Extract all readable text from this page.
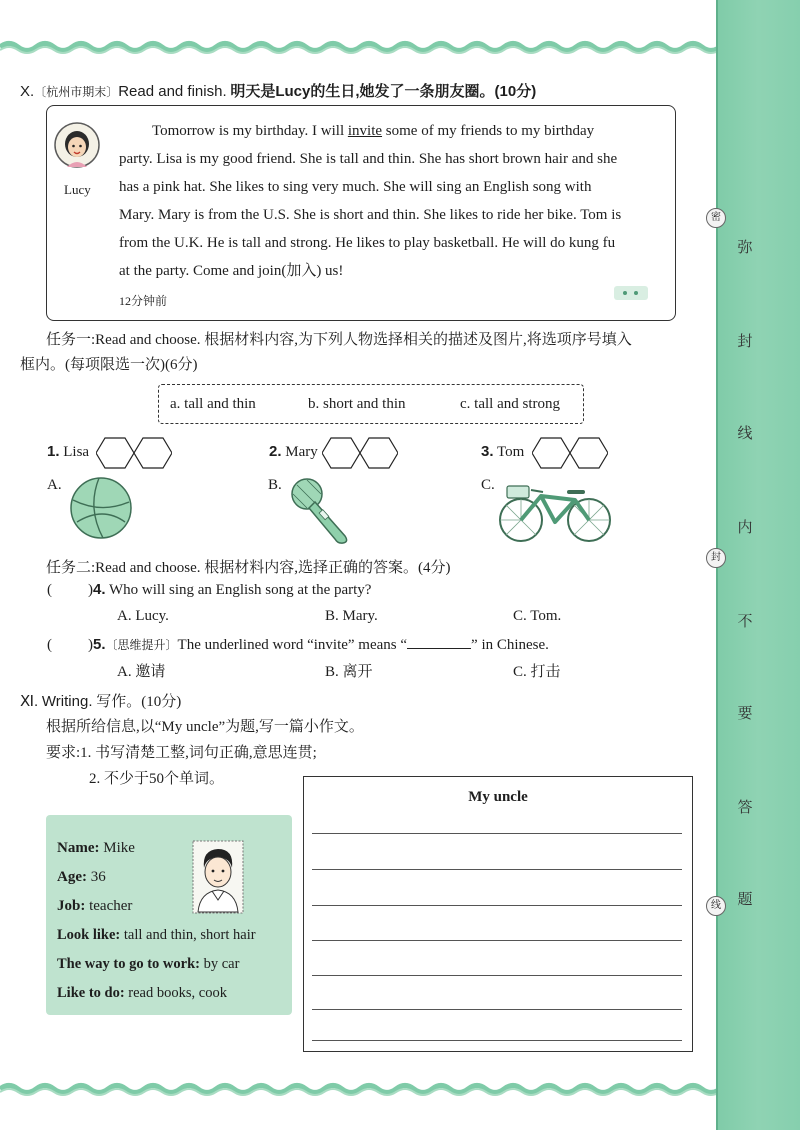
弥
封
线
内
不
要
答
题
密
封
线
X.〔杭州市期末〕Read and finish. 明天是Lucy的生日,她发了一条朋友圈。(10分)
Lucy
Tomorrow is my birthday. I will invite some of my friends to my birthday
party. Lisa is my good friend. She is tall and thin. She has short brown hair and she
has a pink hat. She likes to sing very much. She will sing an English song with
Mary. Mary is from the U.S. She is short and thin. She likes to ride her bike. Tom is
from the U.K. He is tall and strong. He likes to play basketball. He will do kung fu
at the party. Come and join(加入) us!
12分钟前
任务一:Read and choose. 根据材料内容,为下列人物选择相关的描述及图片,将选项序号填入
框内。(每项限选一次)(6分)
a. tall and thin	b. short and thin	c. tall and strong
1. Lisa	2. Mary	3. Tom
A.	B.	C.
任务二:Read and choose. 根据材料内容,选择正确的答案。(4分)
( )4. Who will sing an English song at the party?
A. Lucy.	B. Mary.	C. Tom.
( )5.〔思维提升〕The underlined word “invite” means “	” in Chinese.
A. 邀请	B. 离开	C. 打击
Ⅺ. Writing. 写作。(10分)
根据所给信息,以“My uncle”为题,写一篇小作文。
要求:1. 书写清楚工整,词句正确,意思连贯;
2. 不少于50个单词。
Name: Mike
Age: 36
Job: teacher
Look like: tall and thin, short hair
The way to go to work: by car
Like to do: read books, cook
My uncle
